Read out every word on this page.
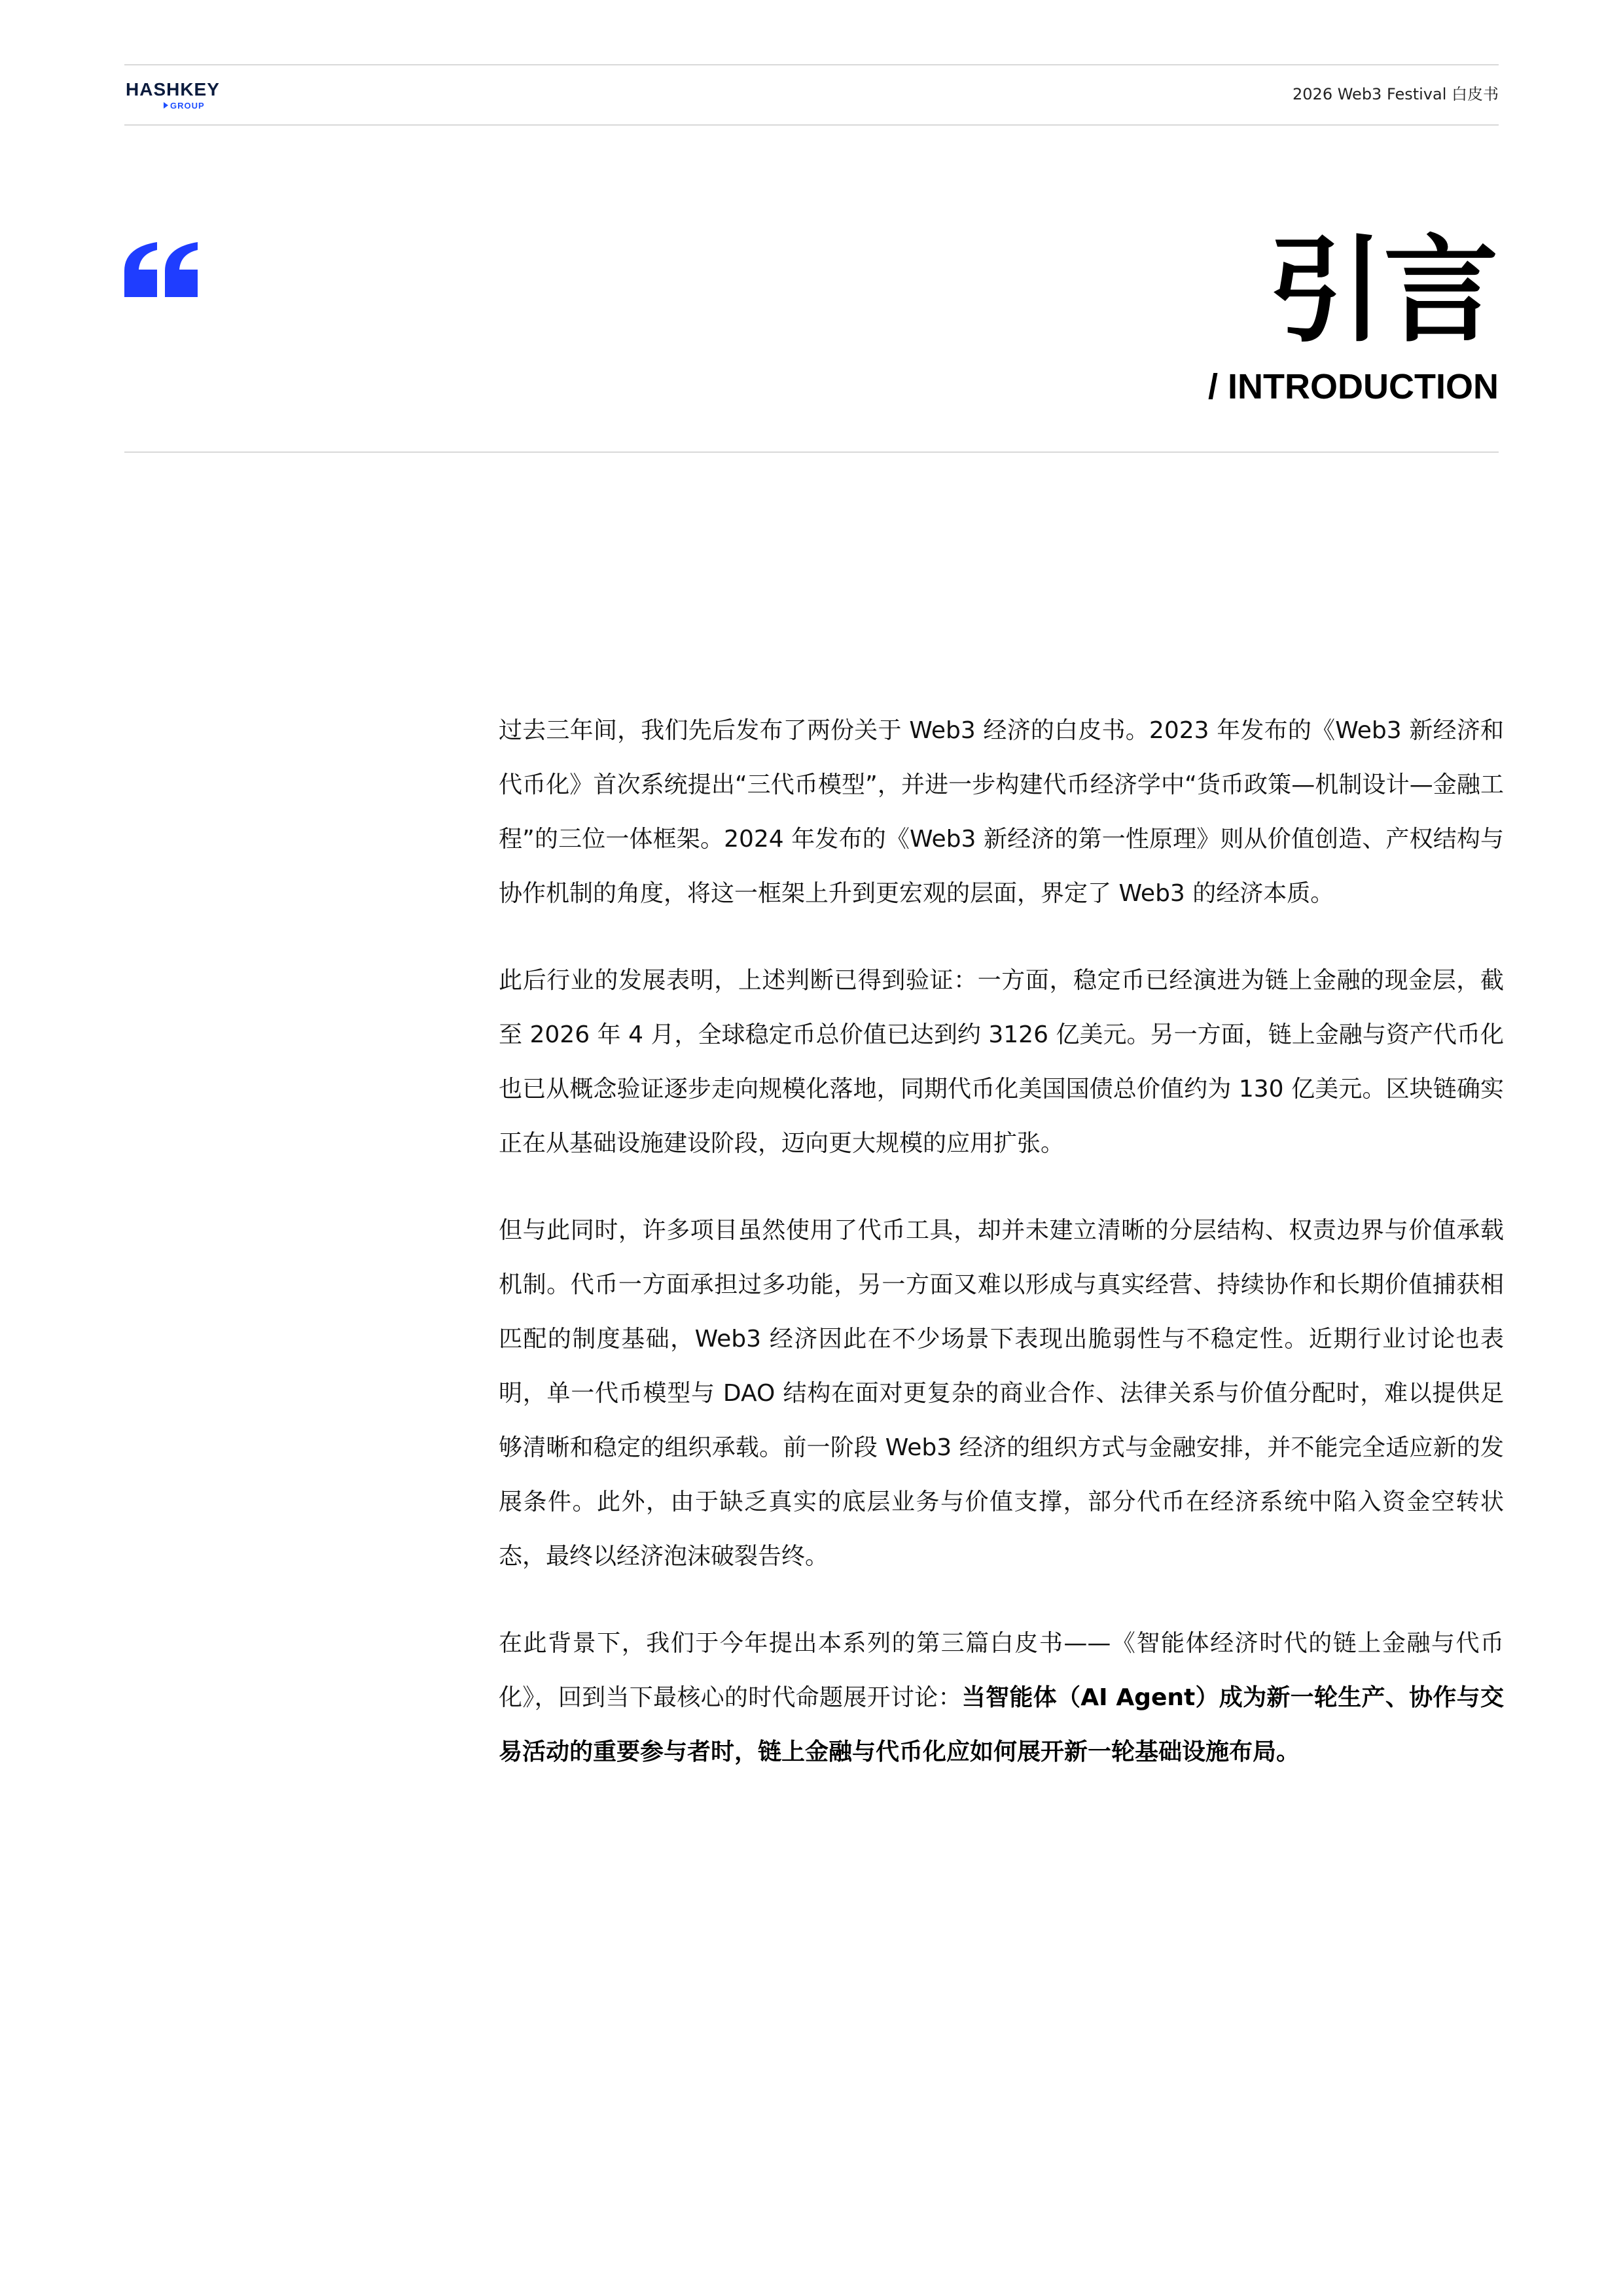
HASHKEY
GROUP
2026 Web3 Festival 白皮书
引言
/ INTRODUCTION

过去三年间，我们先后发布了两份关于 Web3 经济的白皮书。2023 年发布的《Web3 新经济和代币化》首次系统提出“三代币模型”，并进一步构建代币经济学中“货币政策—机制设计—金融工程”的三位一体框架。2024 年发布的《Web3 新经济的第一性原理》则从价值创造、产权结构与协作机制的角度，将这一框架上升到更宏观的层面，界定了 Web3 的经济本质。

此后行业的发展表明，上述判断已得到验证：一方面，稳定币已经演进为链上金融的现金层，截至 2026 年 4 月，全球稳定币总价值已达到约 3126 亿美元。另一方面，链上金融与资产代币化也已从概念验证逐步走向规模化落地，同期代币化美国国债总价值约为 130 亿美元。区块链确实正在从基础设施建设阶段，迈向更大规模的应用扩张。

但与此同时，许多项目虽然使用了代币工具，却并未建立清晰的分层结构、权责边界与价值承载机制。代币一方面承担过多功能，另一方面又难以形成与真实经营、持续协作和长期价值捕获相匹配的制度基础，Web3 经济因此在不少场景下表现出脆弱性与不稳定性。近期行业讨论也表明，单一代币模型与 DAO 结构在面对更复杂的商业合作、法律关系与价值分配时，难以提供足够清晰和稳定的组织承载。前一阶段 Web3 经济的组织方式与金融安排，并不能完全适应新的发展条件。此外，由于缺乏真实的底层业务与价值支撑，部分代币在经济系统中陷入资金空转状态，最终以经济泡沫破裂告终。

在此背景下，我们于今年提出本系列的第三篇白皮书——《智能体经济时代的链上金融与代币化》，回到当下最核心的时代命题展开讨论：当智能体（AI Agent）成为新一轮生产、协作与交易活动的重要参与者时，链上金融与代币化应如何展开新一轮基础设施布局。
